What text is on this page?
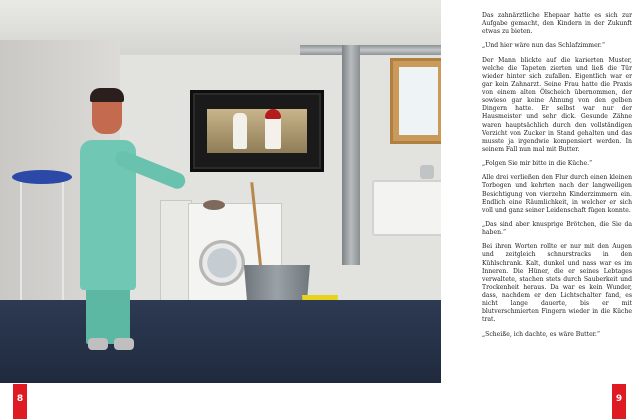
Das zahnärztliche Ehepaar hatte es sich zur Aufgabe gemacht, den Kindern in der Zukunft etwas zu bieten.

„Und hier wäre nun das Schlafzimmer.“

Der Mann blickte auf die karierten Muster, welche die Tapeten zierten und ließ die Tür wieder hinter sich zufallen. Eigentlich war er gar kein Zahnarzt. Seine Frau hatte die Praxis von einem alten Ölscheich übernommen, der sowieso gar keine Ahnung von den gelben Dingern hatte. Er selbst war nur der Hausmeister und sehr dick. Gesunde Zähne waren hauptsächlich durch den vollständigen Verzicht von Zucker in Stand gehalten und das musste ja irgendwie kompensiert werden. In seinem Fall nun mal mit Butter.

„Folgen Sie mir bitte in die Küche.“

Alle drei verließen den Flur durch einen kleinen Torbogen und kehrten nach der langweiligen Besichtigung von vierzehn Kinderzimmern ein. Endlich eine Räumlichkeit, in welcher er sich voll und ganz seiner Leidenschaft fügen konnte.

„Das sind aber knusprige Brötchen, die Sie da haben.“

Bei ihren Worten rollte er nur mit den Augen und zeitgleich schnurstracks in den Kühlschrank. Kalt, dunkel und nass war es im Inneren. Die Hüner, die er seines Lebtages verwaltete, stachen stets durch Sauberkeit und Trockenheit heraus. Da war es kein Wunder, dass, nachdem er den Lichtschalter fand, es nicht lange dauerte, bis er mit blutverschmierten Fingern wieder in die Küche trat.

„Scheiße, ich dachte, es wäre Butter.“

8	9
